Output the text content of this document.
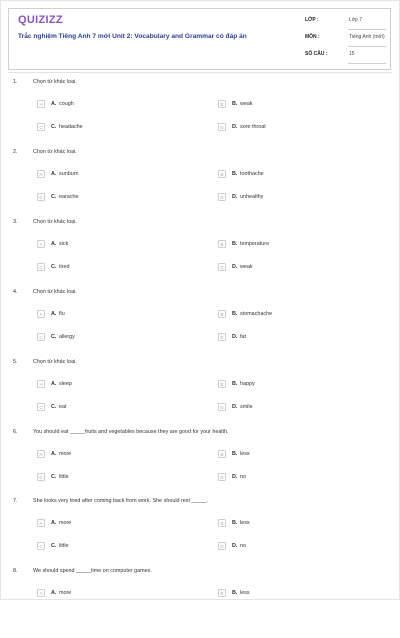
QUIZIZZ
Trắc nghiệm Tiếng Anh 7 mới Unit 2: Vocabulary and Grammar có đáp án
LỚP :	Lớp 7
MÔN :	Tiếng Anh (mới)
SỐ CÂU :	15
1.	Chọn từ khác loại.
A	A. cough	B	B. weak
C	C. headache	D	D. sore throat
2.	Chọn từ khác loại.
A	A. sunburn	B	B. toothache
C	C. earache	D	D. unhealthy
3.	Chọn từ khác loại.
A	A. sick	B	B. temperature
C	C. tired	D	D. weak
4.	Chọn từ khác loại.
A	A. flu	B	B. stomachache
C	C. allergy	D	D. fat
5.	Chọn từ khác loại.
A	A. sleep	B	B. happy
C	C. eat	D	D. smile
6.	You should eat _____fruits and vegetables because they are good for your health.
A	A. more	B	B. less
C	C. little	D	D. no
7.	She looks very tired after coming back from work. She should rest _____.
A	A. more	B	B. less
C	C. little	D	D. no
8.	We should spend _____time on computer games.
A	A. more	B	B. less
